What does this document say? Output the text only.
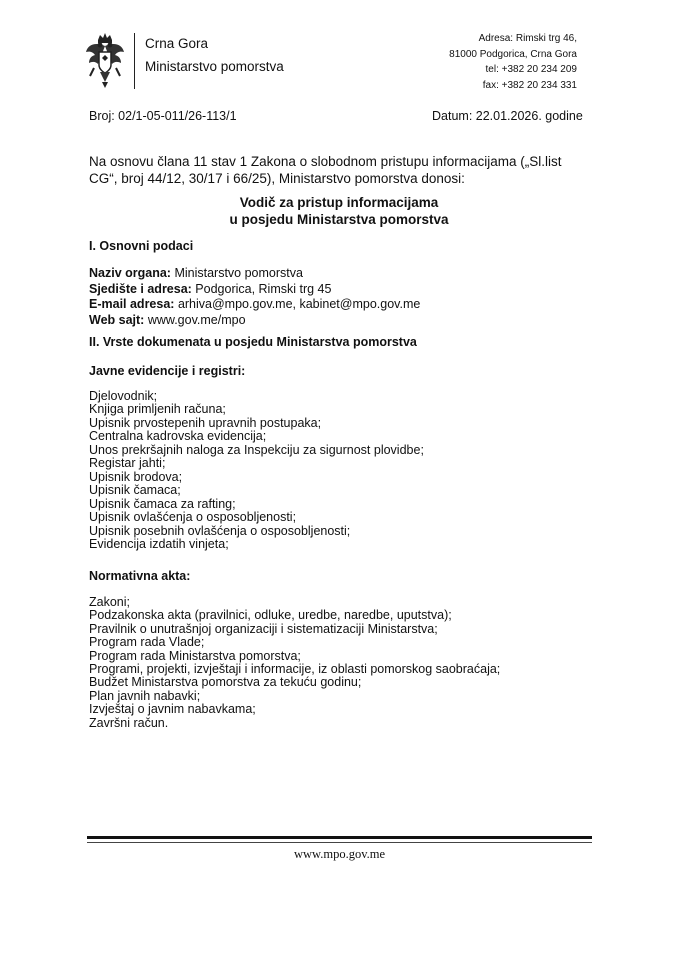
Crna Gora
Ministarstvo pomorstva
Adresa: Rimski trg 46,
81000 Podgorica, Crna Gora
tel: +382 20 234 209
fax: +382 20 234 331
Broj: 02/1-05-011/26-113/1	Datum: 22.01.2026. godine
Na osnovu člana 11 stav 1 Zakona o slobodnom pristupu informacijama („Sl.list CG“, broj 44/12, 30/17 i 66/25), Ministarstvo pomorstva donosi:
Vodič za pristup informacijama
u posjedu Ministarstva pomorstva
I. Osnovni podaci
Naziv organa: Ministarstvo pomorstva
Sjedište i adresa: Podgorica, Rimski trg 45
E-mail adresa: arhiva@mpo.gov.me, kabinet@mpo.gov.me
Web sajt: www.gov.me/mpo
II. Vrste dokumenata u posjedu Ministarstva pomorstva
Javne evidencije i registri:
Djelovodnik;
Knjiga primljenih računa;
Upisnik prvostepenih upravnih postupaka;
Centralna kadrovska evidencija;
Unos prekršajnih naloga za Inspekciju za sigurnost plovidbe;
Registar jahti;
Upisnik brodova;
Upisnik čamaca;
Upisnik čamaca za rafting;
Upisnik ovlašćenja o osposobljenosti;
Upisnik posebnih ovlašćenja o osposobljenosti;
Evidencija izdatih vinjeta;
Normativna akta:
Zakoni;
Podzakonska akta (pravilnici, odluke, uredbe, naredbe, uputstva);
Pravilnik o unutrašnjoj organizaciji i sistematizaciji Ministarstva;
Program rada Vlade;
Program rada Ministarstva pomorstva;
Programi, projekti, izvještaji i informacije, iz oblasti pomorskog saobraćaja;
Budžet Ministarstva pomorstva za tekuću godinu;
Plan javnih nabavki;
Izvještaj o javnim nabavkama;
Završni račun.
www.mpo.gov.me
